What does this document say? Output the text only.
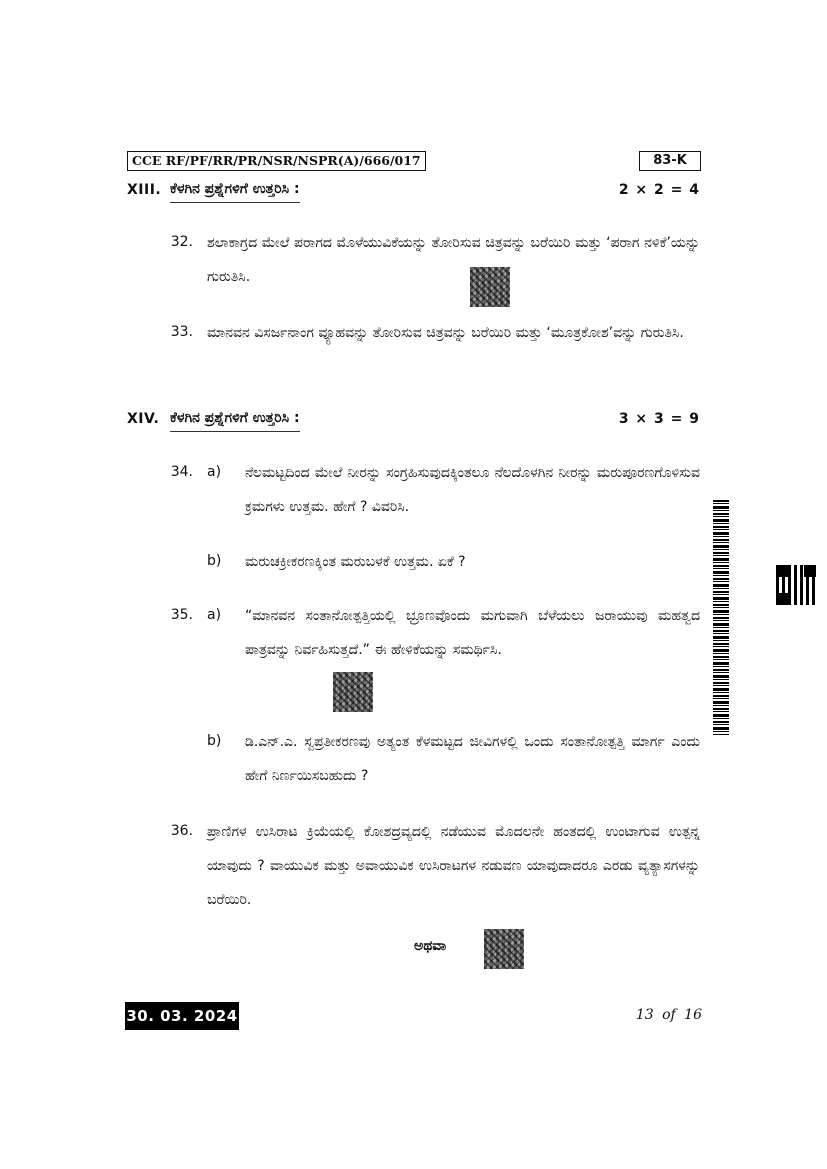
CCE RF/PF/RR/PR/NSR/NSPR(A)/666/017	83-K
XIII. ಕೆಳಗಿನ ಪ್ರಶ್ನೆಗಳಿಗೆ ಉತ್ತರಿಸಿ :	2 × 2 = 4
32. ಶಲಾಕಾಗ್ರದ ಮೇಲೆ ಪರಾಗದ ಮೊಳೆಯುವಿಕೆಯನ್ನು ತೋರಿಸುವ ಚಿತ್ರವನ್ನು ಬರೆಯಿರಿ ಮತ್ತು ‘ಪರಾಗ ನಳಿಕೆ’ಯನ್ನು ಗುರುತಿಸಿ.
33. ಮಾನವನ ವಿಸರ್ಜನಾಂಗ ವ್ಯೂಹವನ್ನು ತೋರಿಸುವ ಚಿತ್ರವನ್ನು ಬರೆಯಿರಿ ಮತ್ತು ‘ಮೂತ್ರಕೋಶ’ವನ್ನು ಗುರುತಿಸಿ.
XIV. ಕೆಳಗಿನ ಪ್ರಶ್ನೆಗಳಿಗೆ ಉತ್ತರಿಸಿ :	3 × 3 = 9
34. a) ನೆಲಮಟ್ಟದಿಂದ ಮೇಲೆ ನೀರನ್ನು ಸಂಗ್ರಹಿಸುವುದಕ್ಕಿಂತಲೂ ನೆಲದೊಳಗಿನ ನೀರನ್ನು ಮರುಪೂರಣಗೊಳಿಸುವ ಕ್ರಮಗಳು ಉತ್ತಮ. ಹೇಗೆ ? ವಿವರಿಸಿ.
b) ಮರುಚಕ್ರೀಕರಣಕ್ಕಿಂತ ಮರುಬಳಕೆ ಉತ್ತಮ. ಏಕೆ ?
35. a) “ಮಾನವನ ಸಂತಾನೋತ್ಪತ್ತಿಯಲ್ಲಿ ಭ್ರೂಣವೊಂದು ಮಗುವಾಗಿ ಬೆಳೆಯಲು ಜರಾಯುವು ಮಹತ್ವದ ಪಾತ್ರವನ್ನು ನಿರ್ವಹಿಸುತ್ತದೆ.” ಈ ಹೇಳಿಕೆಯನ್ನು ಸಮರ್ಥಿಸಿ.
b) ಡಿ.ಎನ್.ಎ. ಸ್ವಪ್ರತೀಕರಣವು ಅತ್ಯಂತ ಕೆಳಮಟ್ಟದ ಜೀವಿಗಳಲ್ಲಿ ಒಂದು ಸಂತಾನೋತ್ಪತ್ತಿ ಮಾರ್ಗ ಎಂದು ಹೇಗೆ ನಿರ್ಣಯಿಸಬಹುದು ?
36. ಪ್ರಾಣಿಗಳ ಉಸಿರಾಟ ಕ್ರಿಯೆಯಲ್ಲಿ ಕೋಶದ್ರವ್ಯದಲ್ಲಿ ನಡೆಯುವ ಮೊದಲನೇ ಹಂತದಲ್ಲಿ ಉಂಟಾಗುವ ಉತ್ಪನ್ನ ಯಾವುದು ? ವಾಯುವಿಕ ಮತ್ತು ಅವಾಯುವಿಕ ಉಸಿರಾಟಗಳ ನಡುವಣ ಯಾವುದಾದರೂ ಎರಡು ವ್ಯತ್ಯಾಸಗಳನ್ನು ಬರೆಯಿರಿ.
ಅಥವಾ
30. 03. 2024	13 of 16
